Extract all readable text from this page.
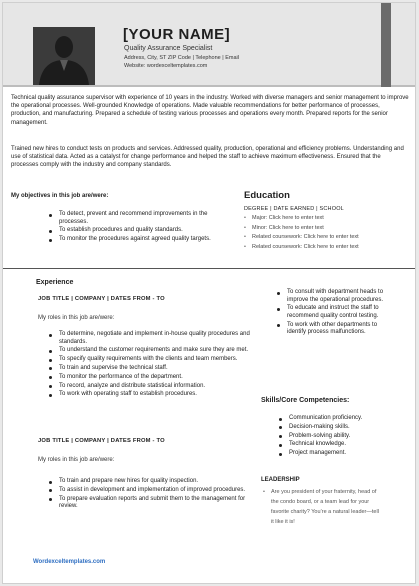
[YOUR NAME]
Quality Assurance Specialist
Address, City, ST ZIP Code | Telephone | Email
Website: wordexceltemplates.com

Technical quality assurance supervisor with experience of 10 years in the industry. Worked with diverse managers and senior management to improve the operational processes. Well-grounded Knowledge of operations. Made valuable recommendations for better performance of processes, production, and manufacturing. Prepared a schedule of testing various processes and operations every month. Prepared reports for the senior management.

Trained new hires to conduct tests on products and services. Addressed quality, production, operational and efficiency problems. Understanding and use of statistical data. Acted as a catalyst for change performance and helped the staff to achieve maximum effectiveness. Ensured that the processes comply with the industry and company standards.

My objectives in this job are/were:
To detect, prevent and recommend improvements in the processes.
To establish procedures and quality standards.
To monitor the procedures against agreed quality targets.
Education
DEGREE | DATE EARNED | SCHOOL
• Major: Click here to enter text
• Minor: Click here to enter text
• Related coursework: Click here to enter text
• Related coursework: Click here to enter text
Experience
JOB TITLE | COMPANY | DATES FROM - TO
My roles in this job are/were:
To determine, negotiate and implement in-house quality procedures and standards.
To understand the customer requirements and make sure they are met.
To specify quality requirements with the clients and team members.
To train and supervise the technical staff.
To monitor the performance of the department.
To record, analyze and distribute statistical information.
To work with operating staff to establish procedures.
JOB TITLE | COMPANY | DATES FROM - TO
My roles in this job are/were:
To train and prepare new hires for quality inspection.
To assist in development and implementation of improved procedures.
To prepare evaluation reports and submit them to the management for review.
To consult with department heads to improve the operational procedures.
To educate and instruct the staff to recommend quality control testing.
To work with other departments to identify process malfunctions.
Skills/Core Competencies:
Communication proficiency.
Decision-making skills.
Problem-solving ability.
Technical knowledge.
Project management.
LEADERSHIP
• Are you president of your fraternity, head of the condo board, or a team lead for your favorite charity? You’re a natural leader—tell it like it is!
Wordexceltemplates.com
